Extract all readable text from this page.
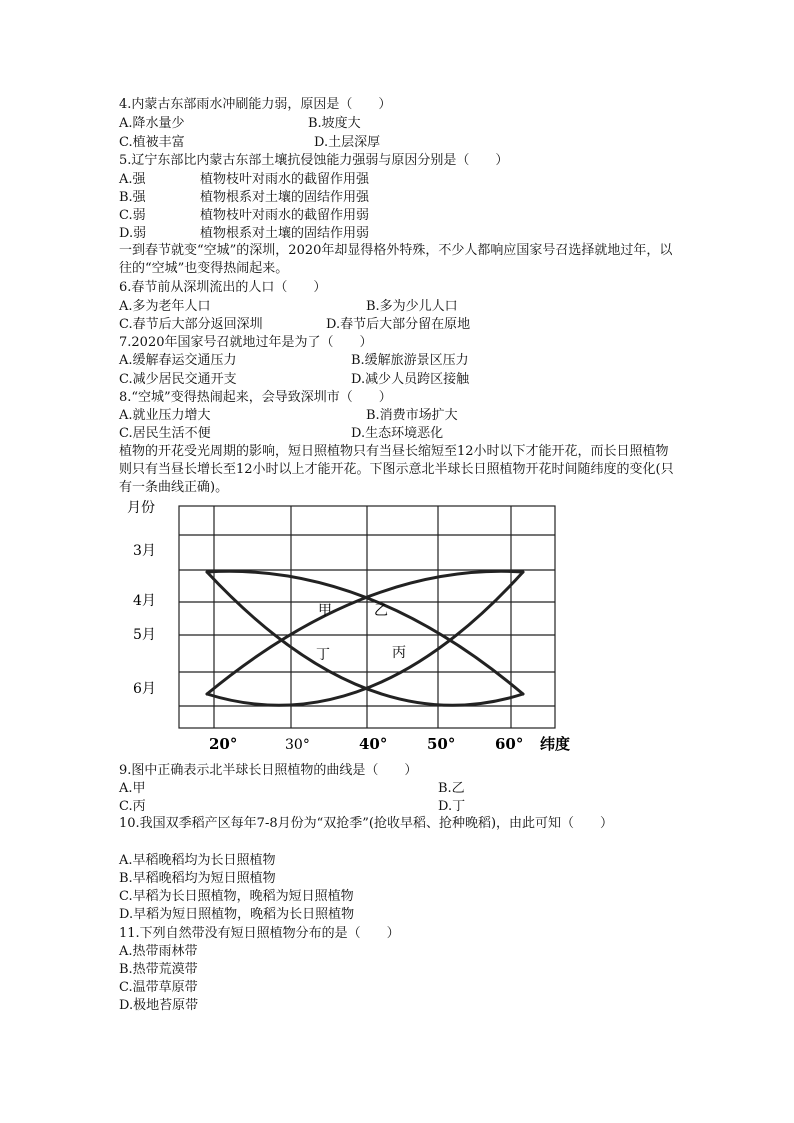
4.内蒙古东部雨水冲刷能力弱，原因是（　　）
A.降水量少	B.坡度大
C.植被丰富	D.土层深厚
5.辽宁东部比内蒙古东部土壤抗侵蚀能力强弱与原因分别是（　　）
A.强	植物枝叶对雨水的截留作用强
B.强	植物根系对土壤的固结作用强
C.弱	植物枝叶对雨水的截留作用弱
D.弱	植物根系对土壤的固结作用弱
一到春节就变“空城”的深圳，2020年却显得格外特殊，不少人都响应国家号召选择就地过年，以往的“空城”也变得热闹起来。
6.春节前从深圳流出的人口（　　）
A.多为老年人口	B.多为少儿人口
C.春节后大部分返回深圳	D.春节后大部分留在原地
7.2020年国家号召就地过年是为了（　　）
A.缓解春运交通压力	B.缓解旅游景区压力
C.减少居民交通开支	D.减少人员跨区接触
8.“空城”变得热闹起来，会导致深圳市（　　）
A.就业压力增大	B.消费市场扩大
C.居民生活不便	D.生态环境恶化
植物的开花受光周期的影响，短日照植物只有当昼长缩短至12小时以下才能开花，而长日照植物则只有当昼长增长至12小时以上才能开花。下图示意北半球长日照植物开花时间随纬度的变化(只有一条曲线正确)。
月份
3月
4月
5月
6月
20°	30°	40°	50°	60° 纬度
甲	乙
丁	丙
9.图中正确表示北半球长日照植物的曲线是（　　）
A.甲	B.乙
C.丙	D.丁
10.我国双季稻产区每年7-8月份为“双抢季”(抢收早稻、抢种晚稻)，由此可知（　　）
A.早稻晚稻均为长日照植物
B.早稻晚稻均为短日照植物
C.早稻为长日照植物，晚稻为短日照植物
D.早稻为短日照植物，晚稻为长日照植物
11.下列自然带没有短日照植物分布的是（　　）
A.热带雨林带
B.热带荒漠带
C.温带草原带
D.极地苔原带
